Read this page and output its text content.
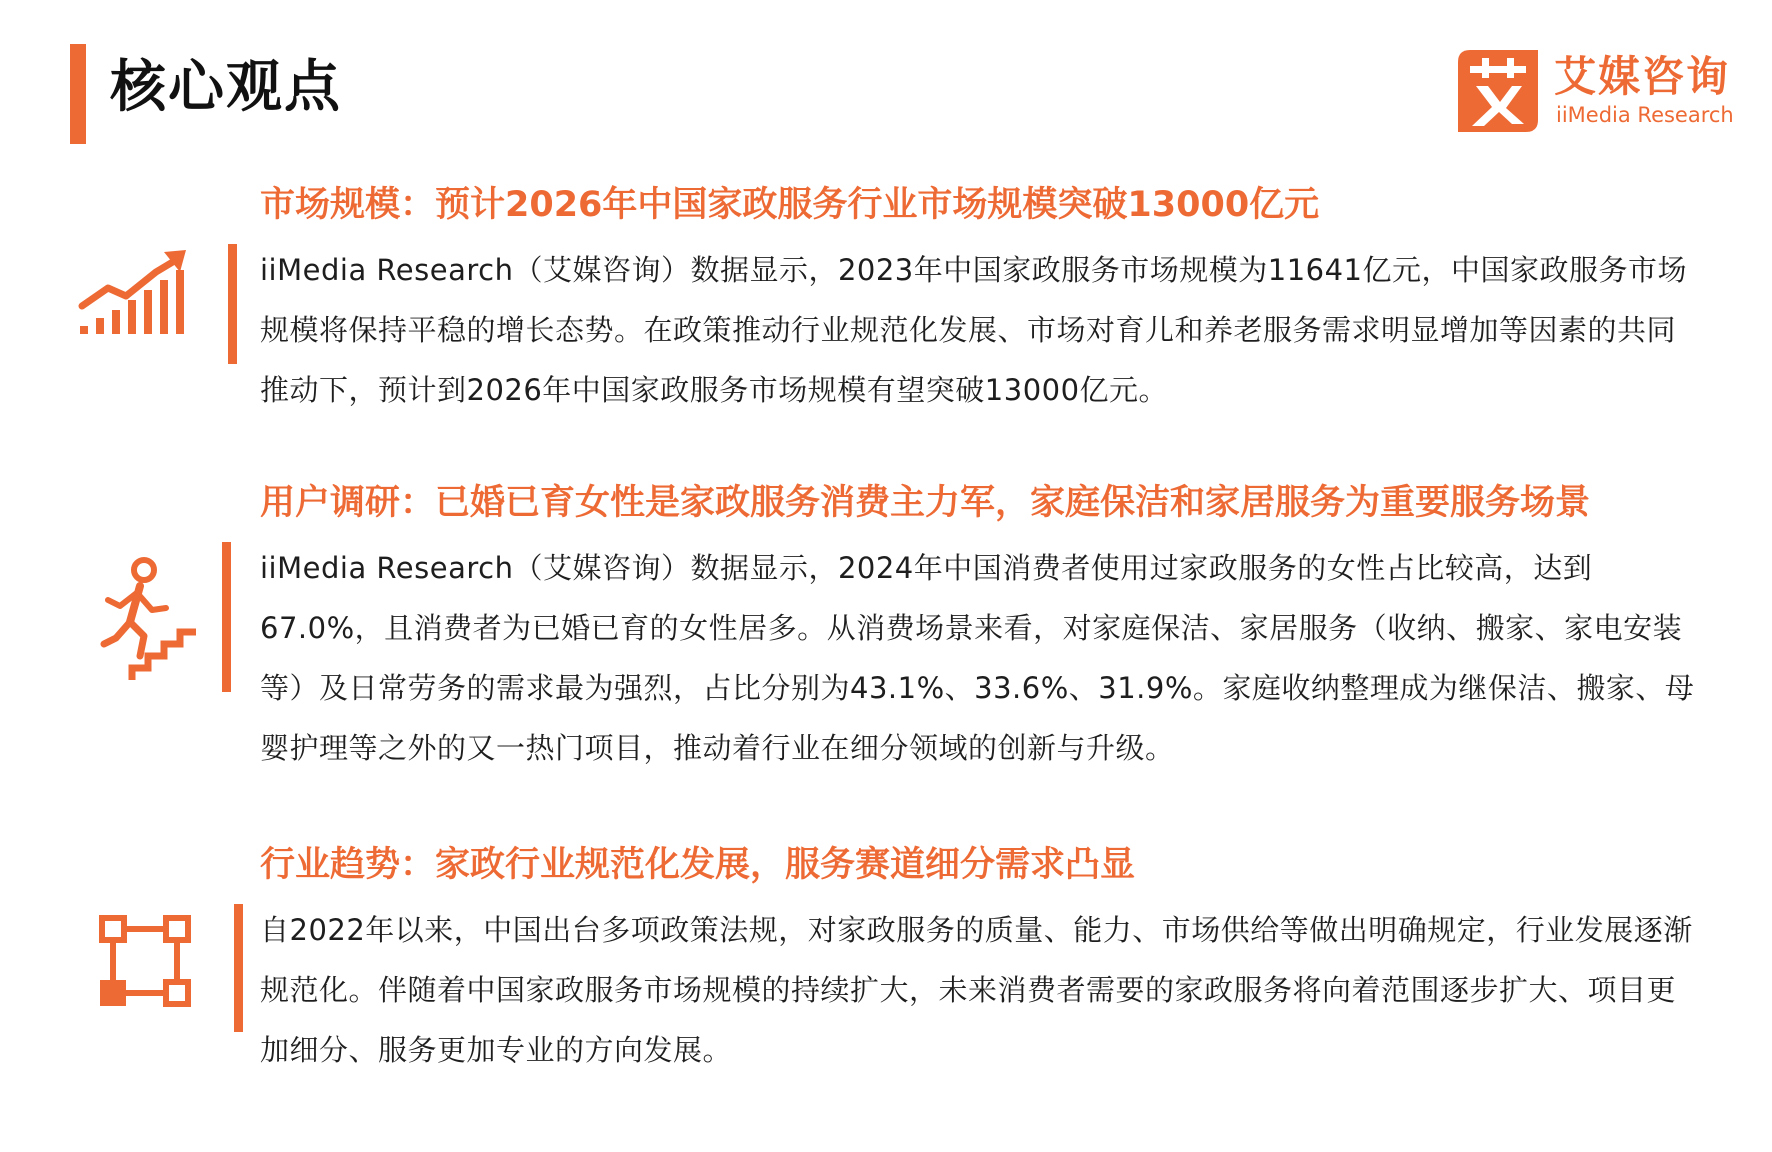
核心观点	艾媒咨询
iiMedia Research
市场规模：预计2026年中国家政服务行业市场规模突破13000亿元
iiMedia Research（艾媒咨询）数据显示，2023年中国家政服务市场规模为11641亿元，中国家政服务市场规模将保持平稳的增长态势。在政策推动行业规范化发展、市场对育儿和养老服务需求明显增加等因素的共同推动下，预计到2026年中国家政服务市场规模有望突破13000亿元。
用户调研：已婚已育女性是家政服务消费主力军，家庭保洁和家居服务为重要服务场景
iiMedia Research（艾媒咨询）数据显示，2024年中国消费者使用过家政服务的女性占比较高，达到67.0%，且消费者为已婚已育的女性居多。从消费场景来看，对家庭保洁、家居服务（收纳、搬家、家电安装等）及日常劳务的需求最为强烈，占比分别为43.1%、33.6%、31.9%。家庭收纳整理成为继保洁、搬家、母婴护理等之外的又一热门项目，推动着行业在细分领域的创新与升级。
行业趋势：家政行业规范化发展，服务赛道细分需求凸显
自2022年以来，中国出台多项政策法规，对家政服务的质量、能力、市场供给等做出明确规定，行业发展逐渐规范化。伴随着中国家政服务市场规模的持续扩大，未来消费者需要的家政服务将向着范围逐步扩大、项目更加细分、服务更加专业的方向发展。
